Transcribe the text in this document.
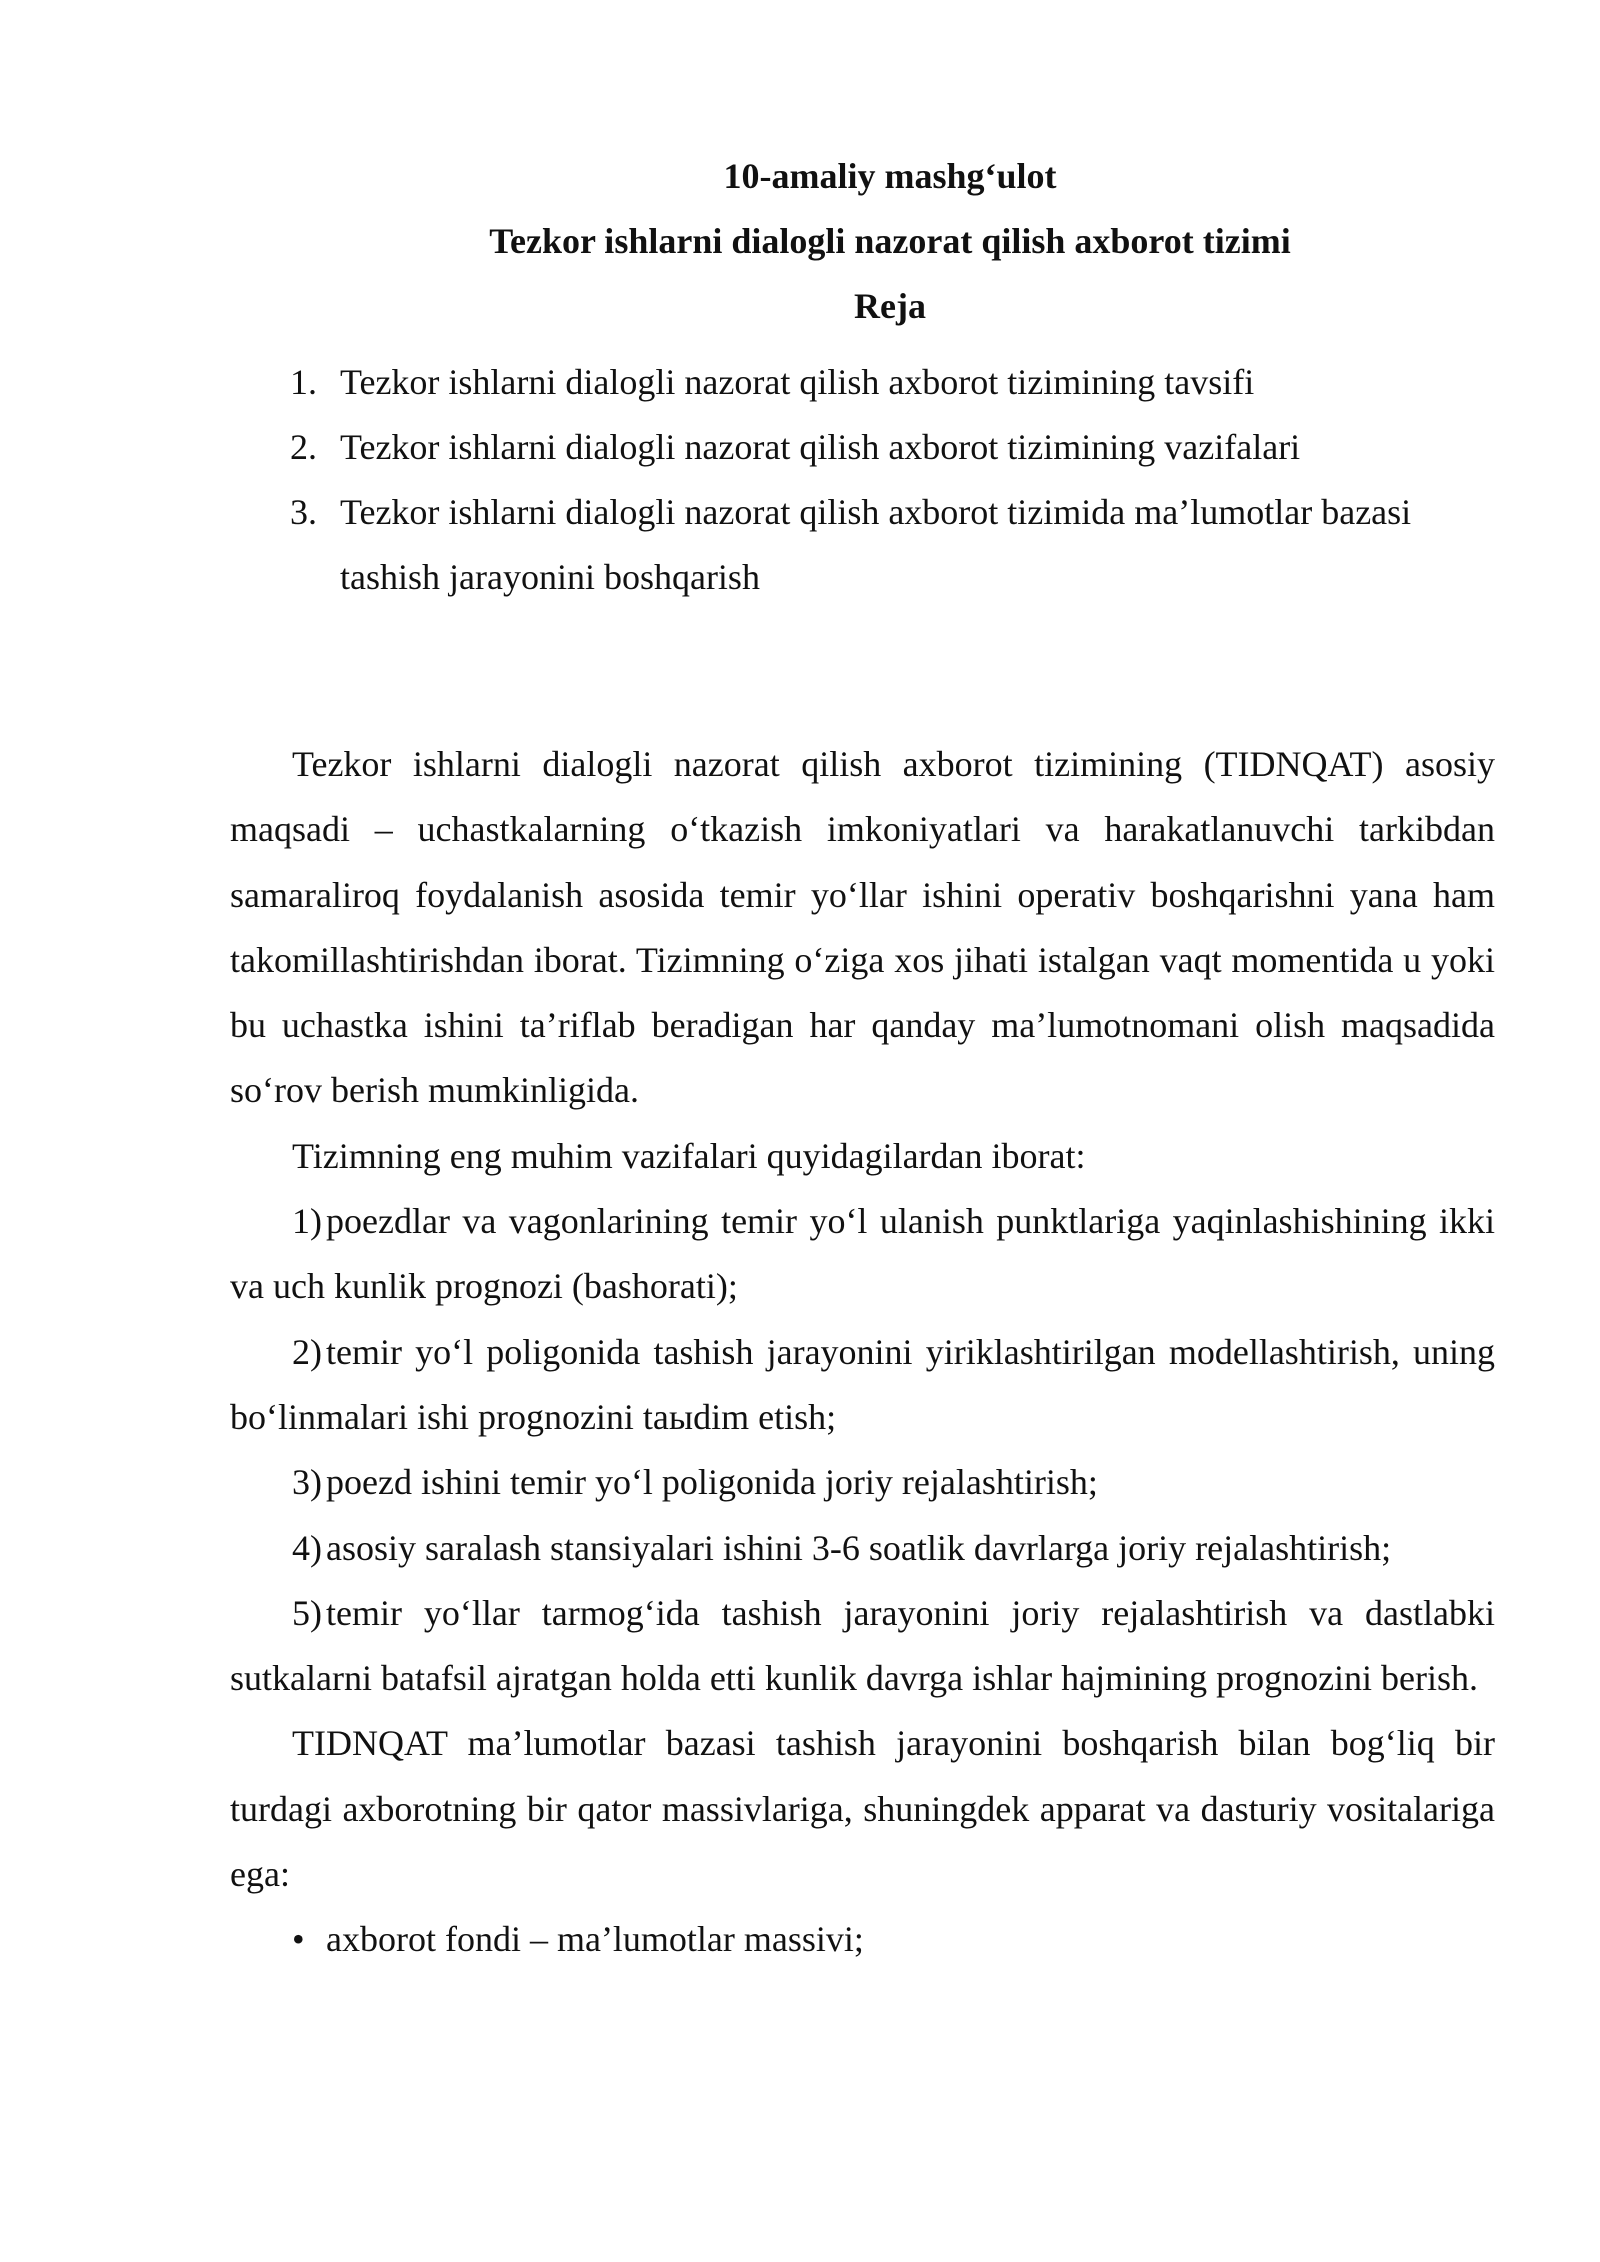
10-amaliy mashg‘ulot
Tezkor ishlarni dialogli nazorat qilish axborot tizimi
Reja
1. Tezkor ishlarni dialogli nazorat qilish axborot tizimining tavsifi
2. Tezkor ishlarni dialogli nazorat qilish axborot tizimining vazifalari
3. Tezkor ishlarni dialogli nazorat qilish axborot tizimida ma’lumotlar bazasi tashish jarayonini boshqarish

Tezkor ishlarni dialogli nazorat qilish axborot tizimining (TIDNQAT) asosiy maqsadi – uchastkalarning o‘tkazish imkoniyatlari va harakatlanuvchi tarkibdan samaraliroq foydalanish asosida temir yo‘llar ishini operativ boshqarishni yana ham takomillashtirishdan iborat. Tizimning o‘ziga xos jihati istalgan vaqt momentida u yoki bu uchastka ishini ta’riflab beradigan har qanday ma’lumotnomani olish maqsadida so‘rov berish mumkinligida.

Tizimning eng muhim vazifalari quyidagilardan iborat:

1) poezdlar va vagonlarining temir yo‘l ulanish punktlariga yaqinlashishining ikki va uch kunlik prognozi (bashorati);

2) temir yo‘l poligonida tashish jarayonini yiriklashtirilgan modellashtirish, uning bo‘linmalari ishi prognozini taыdim etish;

3) poezd ishini temir yo‘l poligonida joriy rejalashtirish;

4) asosiy saralash stansiyalari ishini 3-6 soatlik davrlarga joriy rejalashtirish;

5) temir yo‘llar tarmog‘ida tashish jarayonini joriy rejalashtirish va dastlabki sutkalarni batafsil ajratgan holda etti kunlik davrga ishlar hajmining prognozini berish.

TIDNQAT ma’lumotlar bazasi tashish jarayonini boshqarish bilan bog‘liq bir turdagi axborotning bir qator massivlariga, shuningdek apparat va dasturiy vositalariga ega:

• axborot fondi – ma’lumotlar massivi;
